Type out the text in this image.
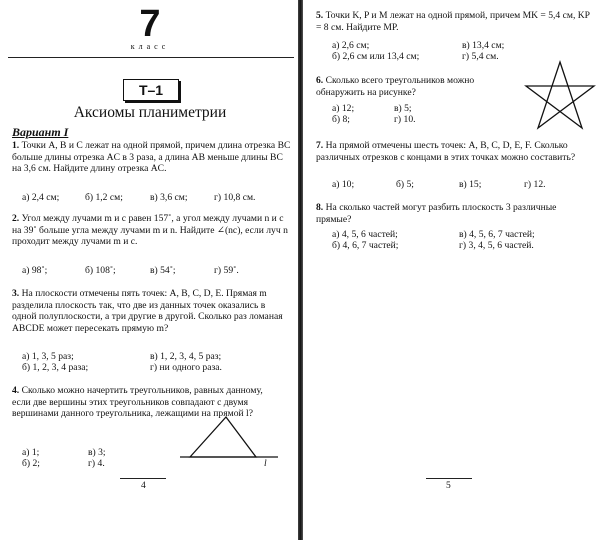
7
класс
Т–1
Аксиомы планиметрии
Вариант I
1. Точки A, B и C лежат на одной прямой, причем длина отрезка BC больше длины отрезка AC в 3 раза, а длина AB меньше длины BC на 3,6 см. Найдите длину отрезка AC.
а) 2,4 см;	б) 1,2 см;	в) 3,6 см;	г) 10,8 см.
2. Угол между лучами m и c равен 157˚, а угол между лучами n и c на 39˚ больше угла между лучами m и n. Найдите ∠(nc), если луч n проходит между лучами m и c.
а) 98˚;	б) 108˚;	в) 54˚;	г) 59˚.
3. На плоскости отмечены пять точек: A, B, C, D, E. Прямая m разделила плоскость так, что две из данных точек оказались в одной полуплоскости, а три другие в другой. Сколько раз ломаная ABCDE может пересекать прямую m?
а) 1, 3, 5 раз;	в) 1, 2, 3, 4, 5 раз;
б) 1, 2, 3, 4 раза;	г) ни одного раза.
4. Сколько можно начертить треугольников, равных данному, если две вершины этих треугольников совпадают с двумя вершинами данного треугольника, лежащими на прямой l?
а) 1;	в) 3;
б) 2;	г) 4.	l
4
5. Точки K, P и M лежат на одной прямой, причем MK = 5,4 см, KP = 8 см. Найдите MP.
а) 2,6 см;	в) 13,4 см;
б) 2,6 см или 13,4 см;	г) 5,4 см.
6. Сколько всего треугольников можно обнаружить на рисунке?
а) 12;	в) 5;
б) 8;	г) 10.
7. На прямой отмечены шесть точек: A, B, C, D, E, F. Сколько различных отрезков с концами в этих точках можно составить?
а) 10;	б) 5;	в) 15;	г) 12.
8. На сколько частей могут разбить плоскость 3 различные прямые?
а) 4, 5, 6 частей;	в) 4, 5, 6, 7 частей;
б) 4, 6, 7 частей;	г) 3, 4, 5, 6 частей.
5
